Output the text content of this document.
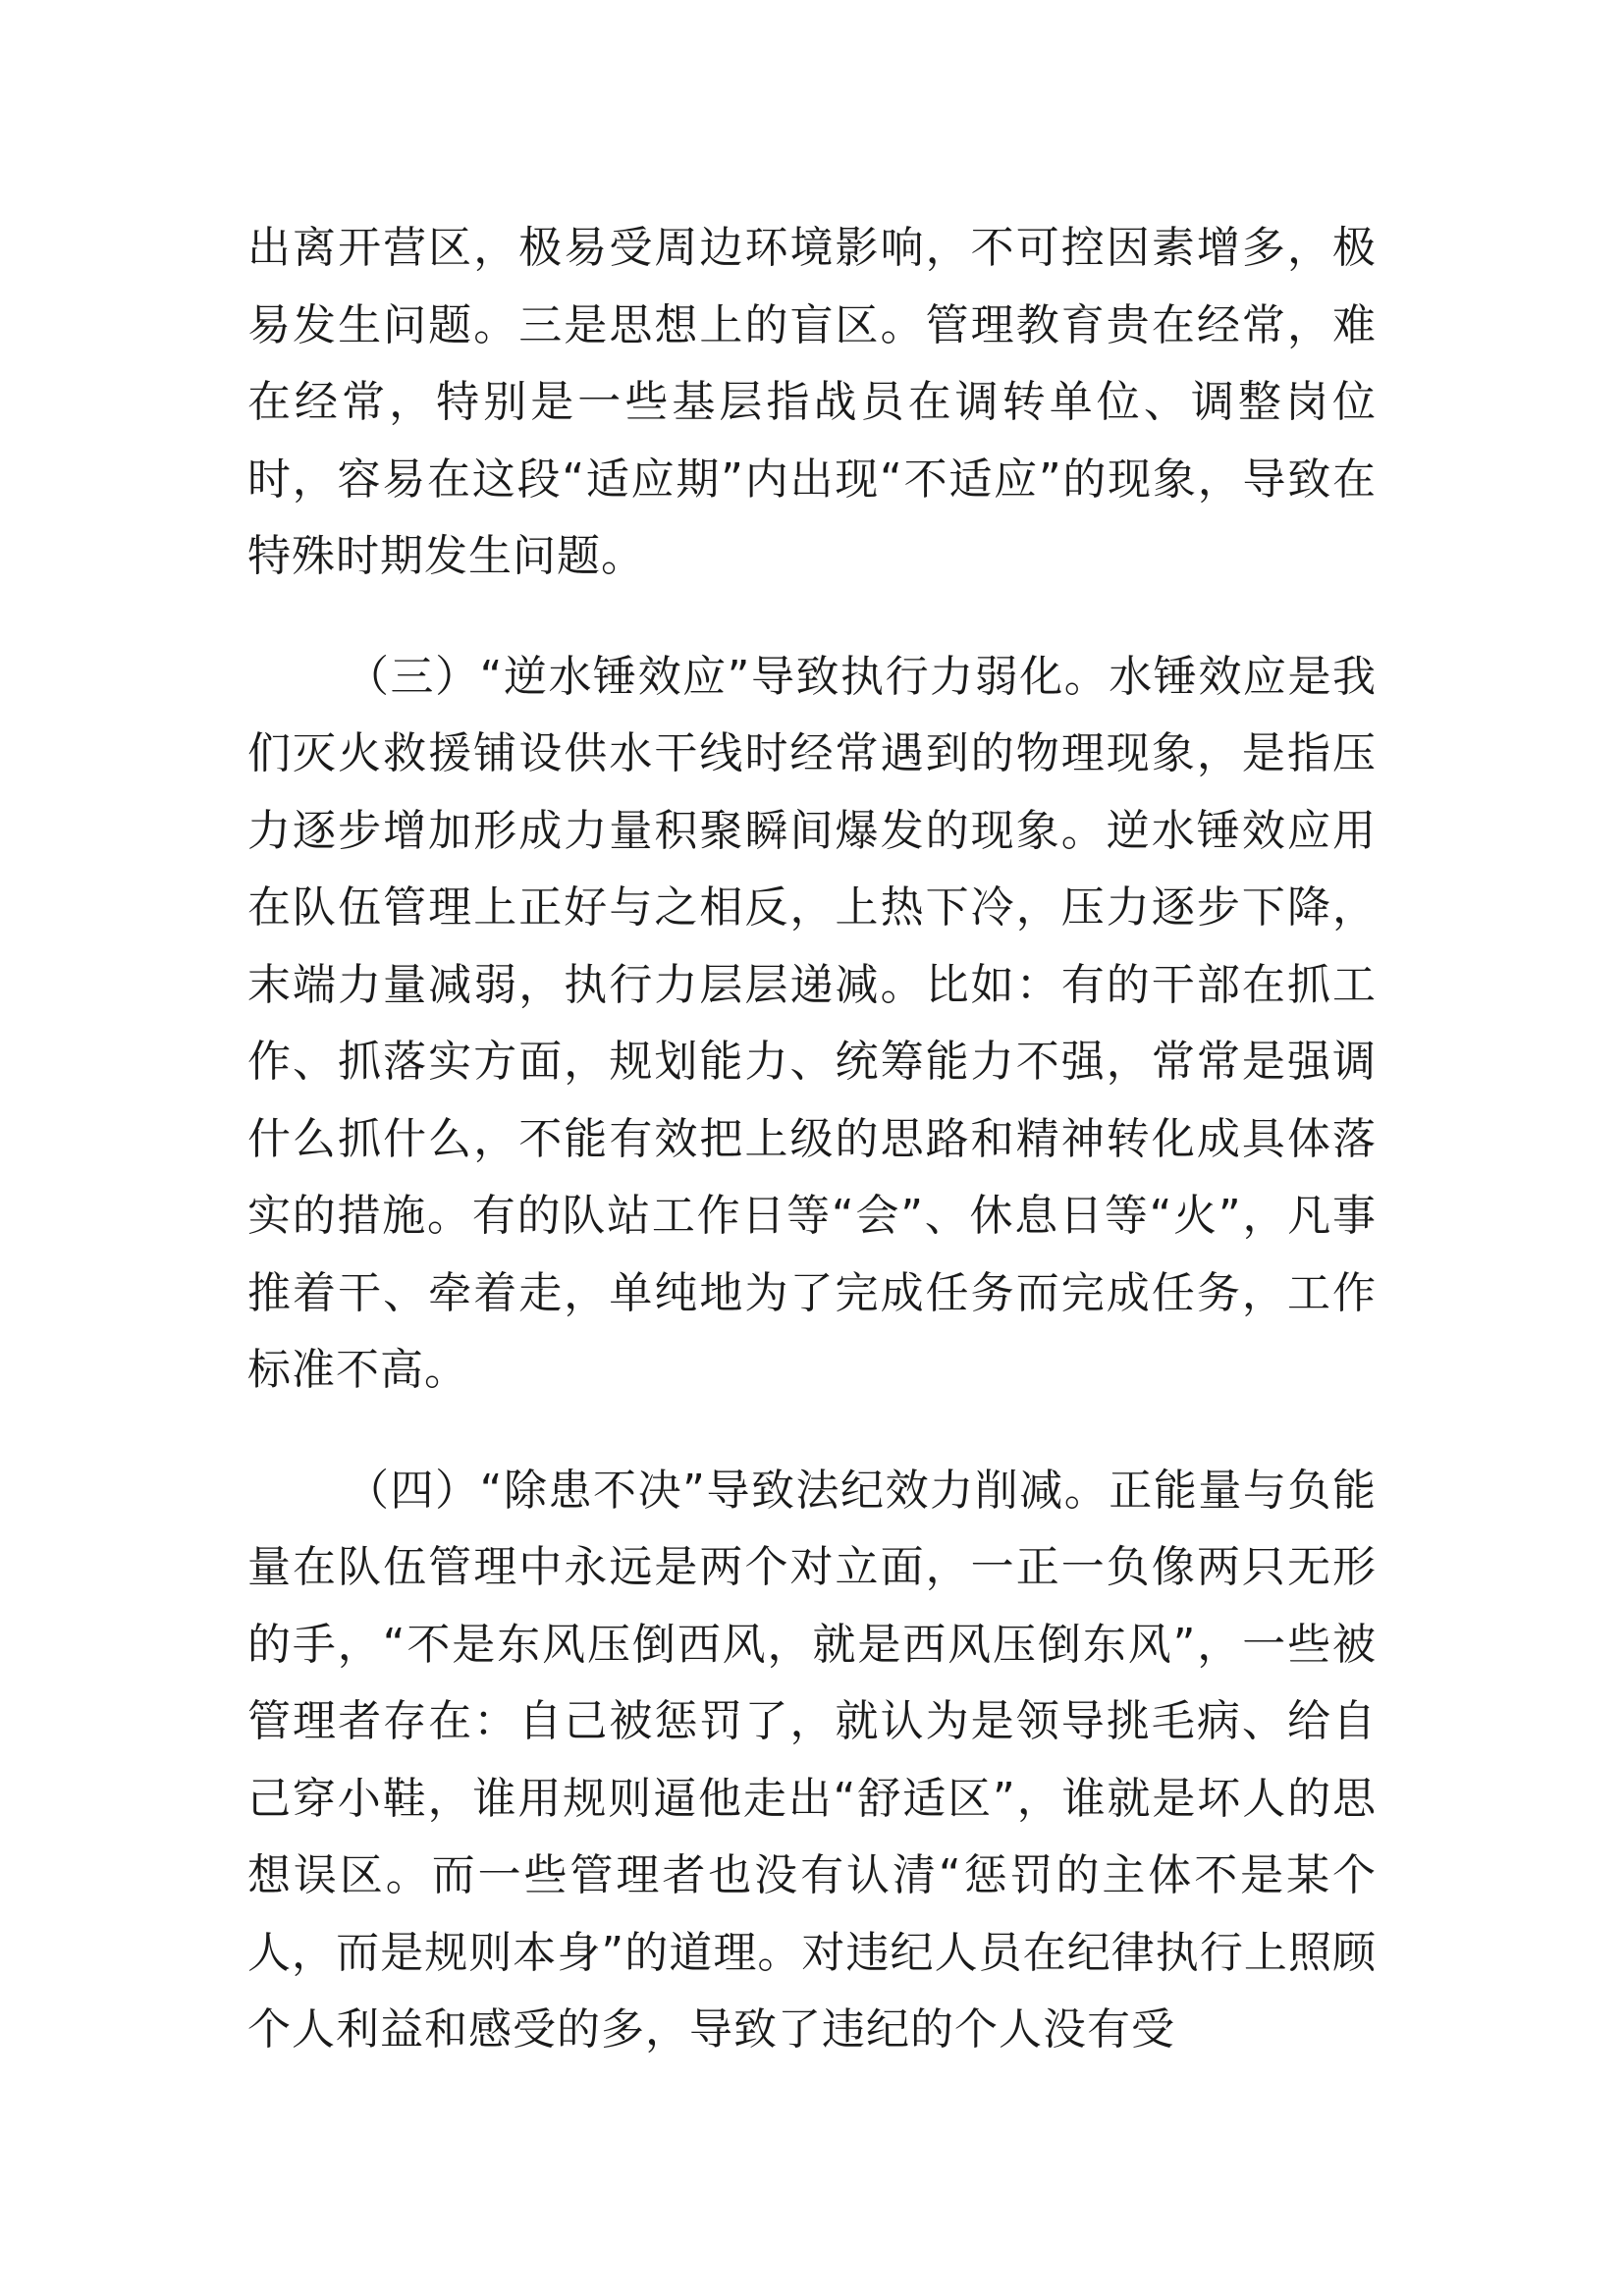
出离开营区，极易受周边环境影响，不可控因素增多，极易发生问题。三是思想上的盲区。管理教育贵在经常，难在经常，特别是一些基层指战员在调转单位、调整岗位时，容易在这段“适应期”内出现“不适应”的现象，导致在特殊时期发生问题。

（三）“逆水锤效应”导致执行力弱化。水锤效应是我们灭火救援铺设供水干线时经常遇到的物理现象，是指压力逐步增加形成力量积聚瞬间爆发的现象。逆水锤效应用在队伍管理上正好与之相反，上热下冷，压力逐步下降，末端力量减弱，执行力层层递减。比如：有的干部在抓工作、抓落实方面，规划能力、统筹能力不强，常常是强调什么抓什么，不能有效把上级的思路和精神转化成具体落实的措施。有的队站工作日等“会”、休息日等“火”，凡事推着干、牵着走，单纯地为了完成任务而完成任务，工作标准不高。

（四）“除患不决”导致法纪效力削减。正能量与负能量在队伍管理中永远是两个对立面，一正一负像两只无形的手，“不是东风压倒西风，就是西风压倒东风”，一些被管理者存在：自己被惩罚了，就认为是领导挑毛病、给自己穿小鞋，谁用规则逼他走出“舒适区”，谁就是坏人的思想误区。而一些管理者也没有认清“惩罚的主体不是某个人，而是规则本身”的道理。对违纪人员在纪律执行上照顾个人利益和感受的多，导致了违纪的个人没有受
